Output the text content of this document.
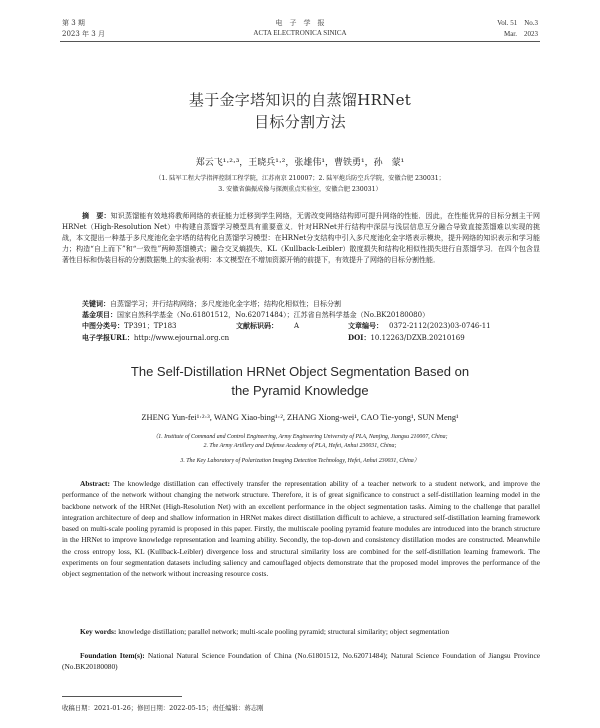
第 3 期
2023 年 3 月
电　子　学　报
ACTA ELECTRONICA SINICA
Vol. 51　No.3
Mar.　2023
基于金字塔知识的自蒸馏HRNet
目标分割方法
郑云飞¹·²·³，王晓兵¹·²，张雄伟¹，曹铁勇¹，孙　蒙¹
（1. 陆军工程大学指挥控制工程学院，江苏南京 210007；2. 陆军炮兵防空兵学院，安徽合肥 230031；
3. 安徽省偏振成像与探测重点实验室，安徽合肥 230031）
摘　要：知识蒸馏能有效地将教师网络的表征能力迁移到学生网络，无需改变网络结构即可提升网络的性能．因此，在性能优异的目标分割主干网 HRNet（High-Resolution Net）中构建自蒸馏学习模型具有重要意义．针对HRNet并行结构中深层与浅层信息互分融合导致直接蒸馏难以实现的挑战，本文提出一种基于多尺度池化金字塔的结构化自蒸馏学习模型：在HRNet分支结构中引入多尺度池化金字塔表示模块，提升网络的知识表示和学习能力；构造“自上而下”和“一致性”两种蒸馏模式；融合交叉熵损失、KL（Kullback-Leibler）散度损失和结构化相似性损失进行自蒸馏学习．在四个包含显著性目标和伪装目标的分割数据集上的实验表明：本文模型在不增加资源开销的前提下，有效提升了网络的目标分割性能．
关键词：自蒸馏学习；并行结构网络；多尺度池化金字塔；结构化相似性；目标分割
基金项目：国家自然科学基金（No.61801512，No.62071484）；江苏省自然科学基金（No.BK20180080）
中图分类号：TP391；TP183	文献标识码： A	文章编号： 0372-2112(2023)03-0746-11
电子学报URL：http://www.ejournal.org.cn	DOI：10.12263/DZXB.20210169
The Self-Distillation HRNet Object Segmentation Based on
the Pyramid Knowledge
ZHENG Yun-fei¹·²·³, WANG Xiao-bing¹·², ZHANG Xiong-wei¹, CAO Tie-yong¹, SUN Meng¹
（1. Institute of Command and Control Engineering, Army Engineering University of PLA, Nanjing, Jiangsu 210007, China;
2. The Army Artillery and Defense Academy of PLA, Hefei, Anhui 230031, China;
3. The Key Laboratory of Polarization Imaging Detection Technology, Hefei, Anhui 230031, China）
Abstract: The knowledge distillation can effectively transfer the representation ability of a teacher network to a student network, and improve the performance of the network without changing the network structure. Therefore, it is of great significance to construct a self-distillation learning model in the backbone network of the HRNet (High-Resolution Net) with an excellent performance in the object segmentation tasks. Aiming to the challenge that parallel integration architecture of deep and shallow information in HRNet makes direct distillation difficult to achieve, a structured self-distillation learning framework based on multi-scale pooling pyramid is proposed in this paper. Firstly, the multiscale pooling pyramid feature modules are introduced into the branch structure in the HRNet to improve knowledge representation and learning ability. Secondly, the top-down and consistency distillation modes are constructed. Meanwhile the cross entropy loss, KL (Kullback-Leibler) divergence loss and structural similarity loss are combined for the self-distillation learning framework. The experiments on four segmentation datasets including saliency and camouflaged objects demonstrate that the proposed model improves the performance of the object segmentation of the network without increasing resource costs.
Key words: knowledge distillation; parallel network; multi-scale pooling pyramid; structural similarity; object segmentation
Foundation Item(s): National Natural Science Foundation of China (No.61801512, No.62071484); Natural Science Foundation of Jiangsu Province (No.BK20180080)
收稿日期：2021-01-26；修回日期：2022-05-15；责任编辑：蒋志刚
